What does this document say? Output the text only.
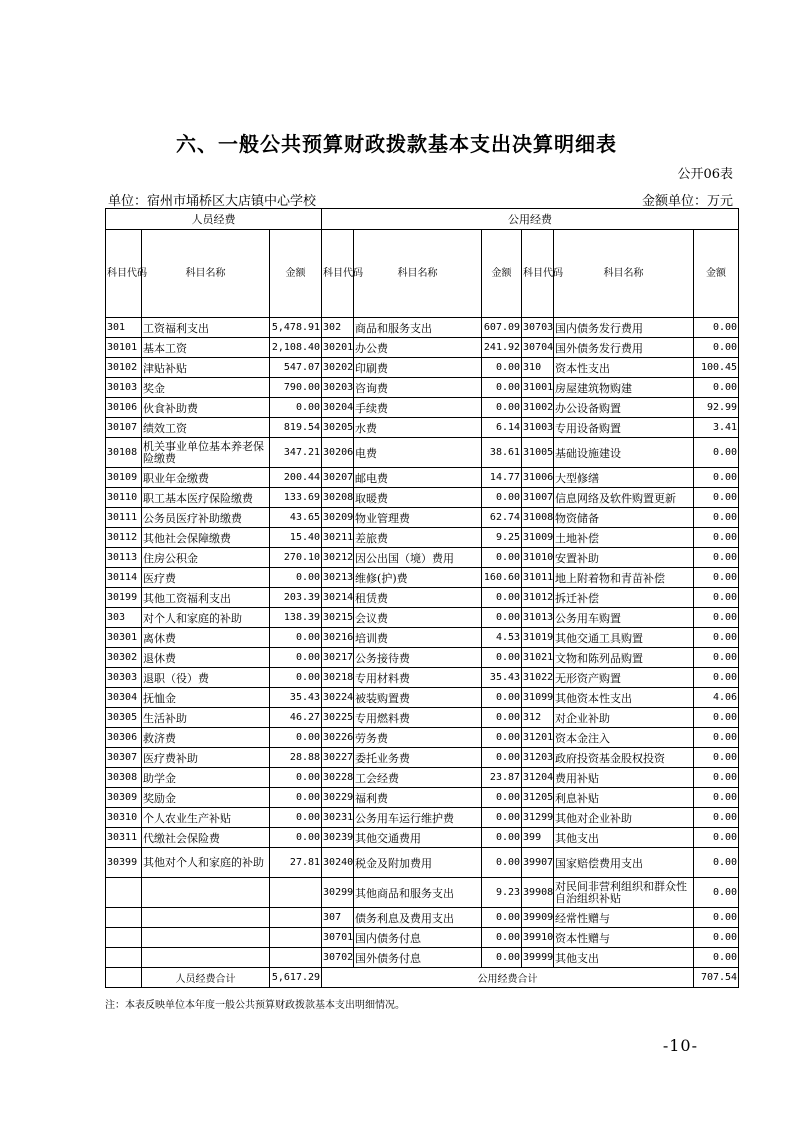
六、一般公共预算财政拨款基本支出决算明细表
公开06表
单位：宿州市埇桥区大店镇中心学校	金额单位：万元
人员经费			公用经费					
科目代码	科目名称	金额	科目代码	科目名称	金额	科目代码	科目名称	金额
301	工资福利支出	5,478.91	302	商品和服务支出	607.09	30703	国内债务发行费用	0.00
30101	基本工资	2,108.40	30201	办公费	241.92	30704	国外债务发行费用	0.00
30102	津贴补贴	547.07	30202	印刷费	0.00	310	资本性支出	100.45
30103	奖金	790.00	30203	咨询费	0.00	31001	房屋建筑物购建	0.00
30106	伙食补助费	0.00	30204	手续费	0.00	31002	办公设备购置	92.99
30107	绩效工资	819.54	30205	水费	6.14	31003	专用设备购置	3.41
30108	机关事业单位基本养老保险缴费	347.21	30206	电费	38.61	31005	基础设施建设	0.00
30109	职业年金缴费	200.44	30207	邮电费	14.77	31006	大型修缮	0.00
30110	职工基本医疗保险缴费	133.69	30208	取暖费	0.00	31007	信息网络及软件购置更新	0.00
30111	公务员医疗补助缴费	43.65	30209	物业管理费	62.74	31008	物资储备	0.00
30112	其他社会保障缴费	15.40	30211	差旅费	9.25	31009	土地补偿	0.00
30113	住房公积金	270.10	30212	因公出国（境）费用	0.00	31010	安置补助	0.00
30114	医疗费	0.00	30213	维修(护)费	160.60	31011	地上附着物和青苗补偿	0.00
30199	其他工资福利支出	203.39	30214	租赁费	0.00	31012	拆迁补偿	0.00
303	对个人和家庭的补助	138.39	30215	会议费	0.00	31013	公务用车购置	0.00
30301	离休费	0.00	30216	培训费	4.53	31019	其他交通工具购置	0.00
30302	退休费	0.00	30217	公务接待费	0.00	31021	文物和陈列品购置	0.00
30303	退职（役）费	0.00	30218	专用材料费	35.43	31022	无形资产购置	0.00
30304	抚恤金	35.43	30224	被装购置费	0.00	31099	其他资本性支出	4.06
30305	生活补助	46.27	30225	专用燃料费	0.00	312	对企业补助	0.00
30306	救济费	0.00	30226	劳务费	0.00	31201	资本金注入	0.00
30307	医疗费补助	28.88	30227	委托业务费	0.00	31203	政府投资基金股权投资	0.00
30308	助学金	0.00	30228	工会经费	23.87	31204	费用补贴	0.00
30309	奖励金	0.00	30229	福利费	0.00	31205	利息补贴	0.00
30310	个人农业生产补贴	0.00	30231	公务用车运行维护费	0.00	31299	其他对企业补助	0.00
30311	代缴社会保险费	0.00	30239	其他交通费用	0.00	399	其他支出	0.00
30399	其他对个人和家庭的补助	27.81	30240	税金及附加费用	0.00	39907	国家赔偿费用支出	0.00
			30299	其他商品和服务支出	9.23	39908	对民间非营利组织和群众性自治组织补贴	0.00
			307	债务利息及费用支出	0.00	39909	经常性赠与	0.00
			30701	国内债务付息	0.00	39910	资本性赠与	0.00
			30702	国外债务付息	0.00	39999	其他支出	0.00
	人员经费合计	5,617.29	公用经费合计					707.54
注：本表反映单位本年度一般公共预算财政拨款基本支出明细情况。
-10-
